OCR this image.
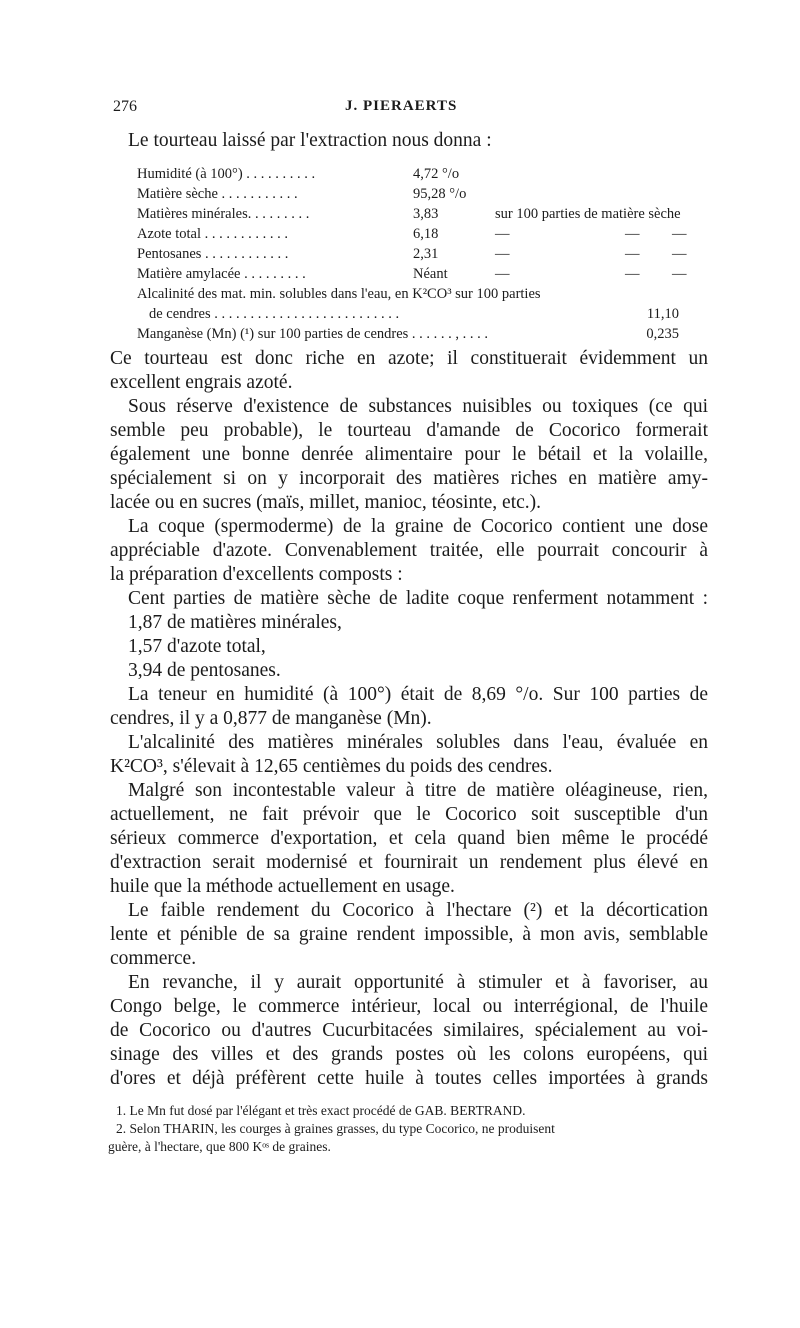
276	J. PIERAERTS
Le tourteau laissé par l'extraction nous donna :
Humidité (à 100°) . . . . . . . . . .	4,72 °/o
Matière sèche . . . . . . . . . . .	95,28 °/o
Matières minérales. . . . . . . . .	3,83	sur 100 parties de matière sèche
Azote total . . . . . . . . . . . .	6,18	—	— —
Pentosanes . . . . . . . . . . . .	2,31	—	— —
Matière amylacée . . . . . . . . .	Néant	—	— —
Alcalinité des mat. min. solubles dans l'eau, en K²CO³ sur 100 parties
de cendres . . . . . . . . . . . . . . . . . . . . . . . . . .	11,10
Manganèse (Mn) (¹) sur 100 parties de cendres . . . . . . , . . . .	0,235
Ce tourteau est donc riche en azote; il constituerait évidemment un
excellent engrais azoté.
Sous réserve d'existence de substances nuisibles ou toxiques (ce qui
semble peu probable), le tourteau d'amande de Cocorico formerait
également une bonne denrée alimentaire pour le bétail et la volaille,
spécialement si on y incorporait des matières riches en matière amy-
lacée ou en sucres (maïs, millet, manioc, téosinte, etc.).
La coque (spermoderme) de la graine de Cocorico contient une dose
appréciable d'azote. Convenablement traitée, elle pourrait concourir à
la préparation d'excellents composts :
Cent parties de matière sèche de ladite coque renferment notamment :
1,87 de matières minérales,
1,57 d'azote total,
3,94 de pentosanes.
La teneur en humidité (à 100°) était de 8,69 °/o. Sur 100 parties de
cendres, il y a 0,877 de manganèse (Mn).
L'alcalinité des matières minérales solubles dans l'eau, évaluée en
K²CO³, s'élevait à 12,65 centièmes du poids des cendres.
Malgré son incontestable valeur à titre de matière oléagineuse, rien,
actuellement, ne fait prévoir que le Cocorico soit susceptible d'un
sérieux commerce d'exportation, et cela quand bien même le procédé
d'extraction serait modernisé et fournirait un rendement plus élevé en
huile que la méthode actuellement en usage.
Le faible rendement du Cocorico à l'hectare (²) et la décortication
lente et pénible de sa graine rendent impossible, à mon avis, semblable
commerce.
En revanche, il y aurait opportunité à stimuler et à favoriser, au
Congo belge, le commerce intérieur, local ou interrégional, de l'huile
de Cocorico ou d'autres Cucurbitacées similaires, spécialement au voi-
sinage des villes et des grands postes où les colons européens, qui
d'ores et déjà préfèrent cette huile à toutes celles importées à grands
1. Le Mn fut dosé par l'élégant et très exact procédé de GAB. BERTRAND.
2. Selon THARIN, les courges à graines grasses, du type Cocorico, ne produisent
guère, à l'hectare, que 800 Kᵒˢ de graines.
